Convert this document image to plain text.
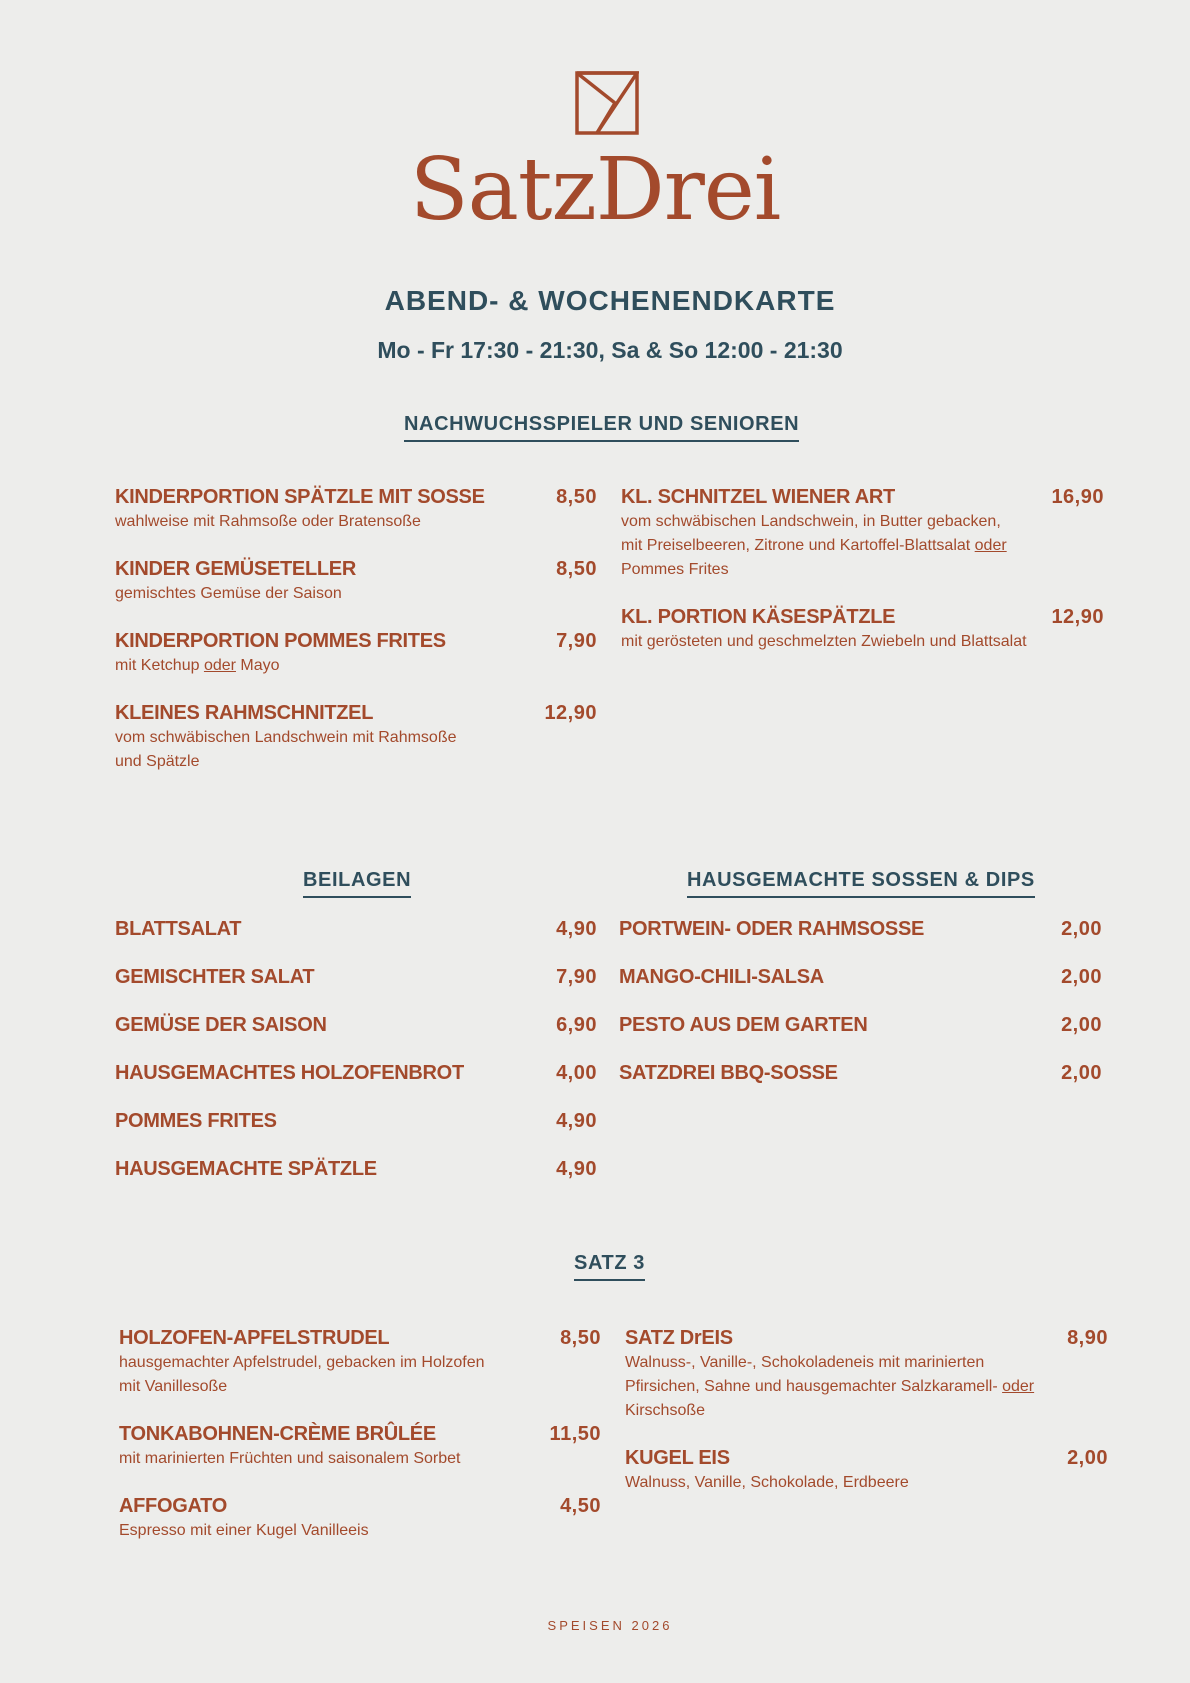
SatzDrei
ABEND- & WOCHENENDKARTE
Mo - Fr 17:30 - 21:30, Sa & So 12:00 - 21:30
NACHWUCHSSPIELER UND SENIOREN
KINDERPORTION SPÄTZLE MIT SOSSE	8,50
wahlweise mit Rahmsoße oder Bratensoße
KINDER GEMÜSETELLER	8,50
gemischtes Gemüse der Saison
KINDERPORTION POMMES FRITES	7,90
mit Ketchup oder Mayo
KLEINES RAHMSCHNITZEL	12,90
vom schwäbischen Landschwein mit Rahmsoße
und Spätzle
KL. SCHNITZEL WIENER ART	16,90
vom schwäbischen Landschwein, in Butter gebacken,
mit Preiselbeeren, Zitrone und Kartoffel-Blattsalat oder
Pommes Frites
KL. PORTION KÄSESPÄTZLE	12,90
mit gerösteten und geschmelzten Zwiebeln und Blattsalat
BEILAGEN
BLATTSALAT	4,90
GEMISCHTER SALAT	7,90
GEMÜSE DER SAISON	6,90
HAUSGEMACHTES HOLZOFENBROT	4,00
POMMES FRITES	4,90
HAUSGEMACHTE SPÄTZLE	4,90
HAUSGEMACHTE SOSSEN & DIPS
PORTWEIN- ODER RAHMSOSSE	2,00
MANGO-CHILI-SALSA	2,00
PESTO AUS DEM GARTEN	2,00
SATZDREI BBQ-SOSSE	2,00
SATZ 3
HOLZOFEN-APFELSTRUDEL	8,50
hausgemachter Apfelstrudel, gebacken im Holzofen
mit Vanillesoße
TONKABOHNEN-CRÈME BRÛLÉE	11,50
mit marinierten Früchten und saisonalem Sorbet
AFFOGATO	4,50
Espresso mit einer Kugel Vanilleeis
SATZ DrEIS	8,90
Walnuss-, Vanille-, Schokoladeneis mit marinierten
Pfirsichen, Sahne und hausgemachter Salzkaramell- oder
Kirschsoße
KUGEL EIS	2,00
Walnuss, Vanille, Schokolade, Erdbeere
SPEISEN 2026
